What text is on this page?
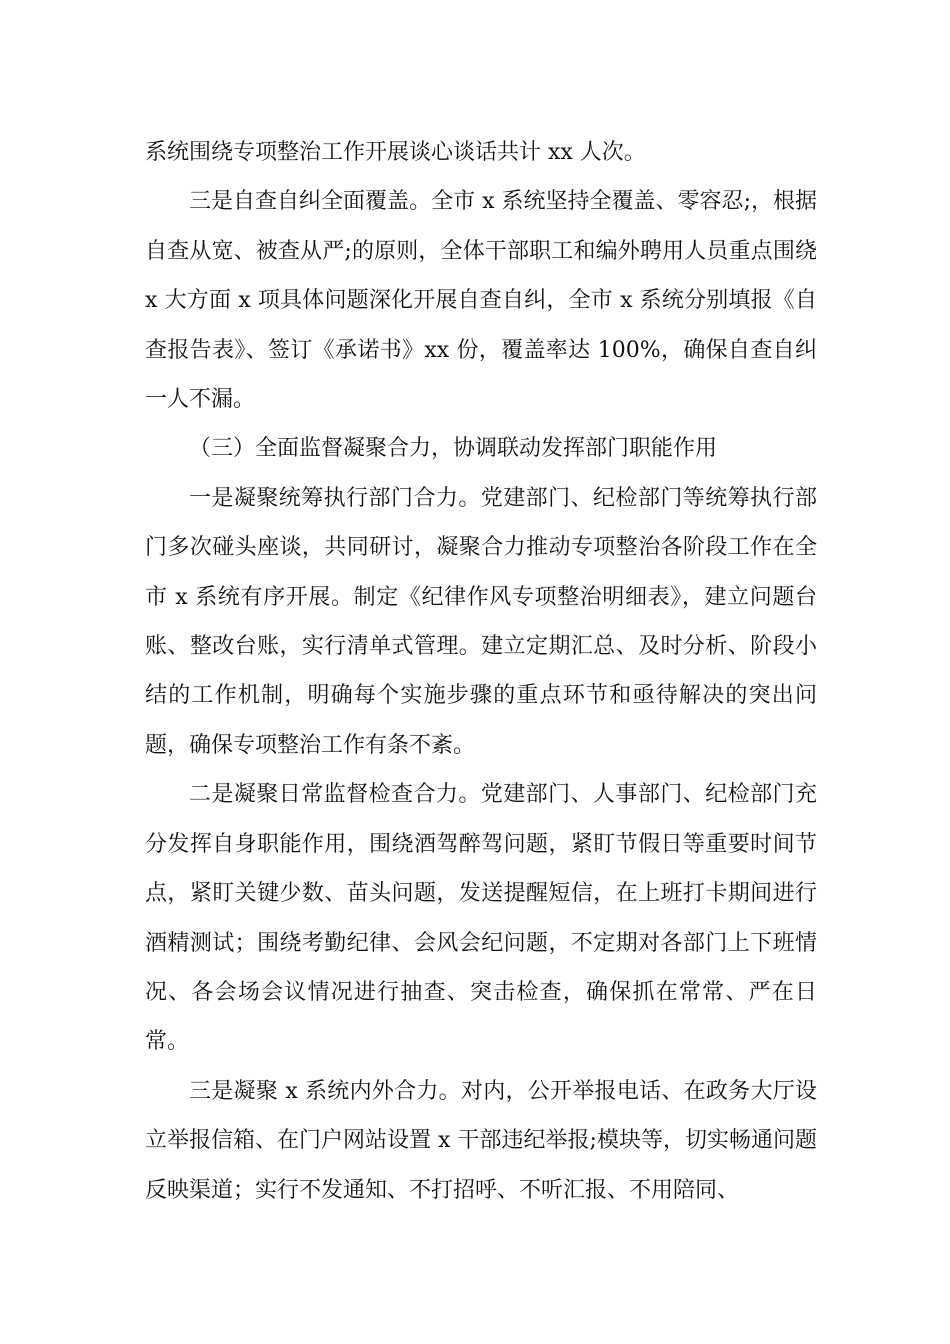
系统围绕专项整治工作开展谈心谈话共计 xx 人次。

三是自查自纠全面覆盖。全市 x 系统坚持全覆盖、零容忍;，根据自查从宽、被查从严;的原则，全体干部职工和编外聘用人员重点围绕 x 大方面 x 项具体问题深化开展自查自纠，全市 x 系统分别填报《自查报告表》、签订《承诺书》xx 份，覆盖率达 100%，确保自查自纠一人不漏。

（三）全面监督凝聚合力，协调联动发挥部门职能作用

一是凝聚统筹执行部门合力。党建部门、纪检部门等统筹执行部门多次碰头座谈，共同研讨，凝聚合力推动专项整治各阶段工作在全市 x 系统有序开展。制定《纪律作风专项整治明细表》，建立问题台账、整改台账，实行清单式管理。建立定期汇总、及时分析、阶段小结的工作机制，明确每个实施步骤的重点环节和亟待解决的突出问题，确保专项整治工作有条不紊。

二是凝聚日常监督检查合力。党建部门、人事部门、纪检部门充分发挥自身职能作用，围绕酒驾醉驾问题，紧盯节假日等重要时间节点，紧盯关键少数、苗头问题，发送提醒短信，在上班打卡期间进行酒精测试；围绕考勤纪律、会风会纪问题，不定期对各部门上下班情况、各会场会议情况进行抽查、突击检查，确保抓在常常、严在日常。

三是凝聚 x 系统内外合力。对内，公开举报电话、在政务大厅设立举报信箱、在门户网站设置 x 干部违纪举报;模块等，切实畅通问题反映渠道；实行不发通知、不打招呼、不听汇报、不用陪同、
